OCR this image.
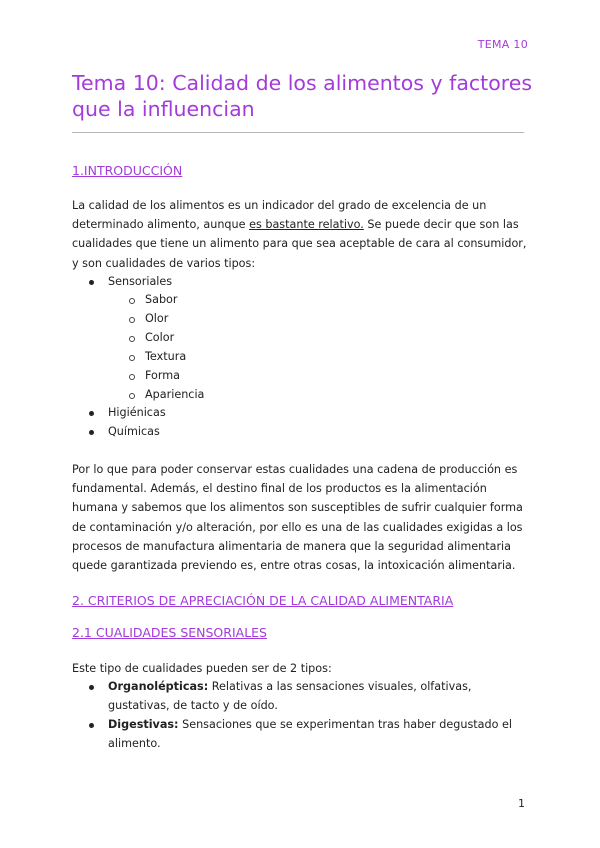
TEMA 10
Tema 10: Calidad de los alimentos y factores que la influencian
1.INTRODUCCIÓN

La calidad de los alimentos es un indicador del grado de excelencia de un determinado alimento, aunque es bastante relativo. Se puede decir que son las cualidades que tiene un alimento para que sea aceptable de cara al consumidor, y son cualidades de varios tipos:

Sensoriales
Sabor
Olor
Color
Textura
Forma
Apariencia
Higiénicas
Químicas

Por lo que para poder conservar estas cualidades una cadena de producción es fundamental. Además, el destino final de los productos es la alimentación humana y sabemos que los alimentos son susceptibles de sufrir cualquier forma de contaminación y/o alteración, por ello es una de las cualidades exigidas a los procesos de manufactura alimentaria de manera que la seguridad alimentaria quede garantizada previendo es, entre otras cosas, la intoxicación alimentaria.

2. CRITERIOS DE APRECIACIÓN DE LA CALIDAD ALIMENTARIA
2.1 CUALIDADES SENSORIALES

Este tipo de cualidades pueden ser de 2 tipos:

Organolépticas: Relativas a las sensaciones visuales, olfativas, gustativas, de tacto y de oído.

Digestivas: Sensaciones que se experimentan tras haber degustado el alimento.

1
